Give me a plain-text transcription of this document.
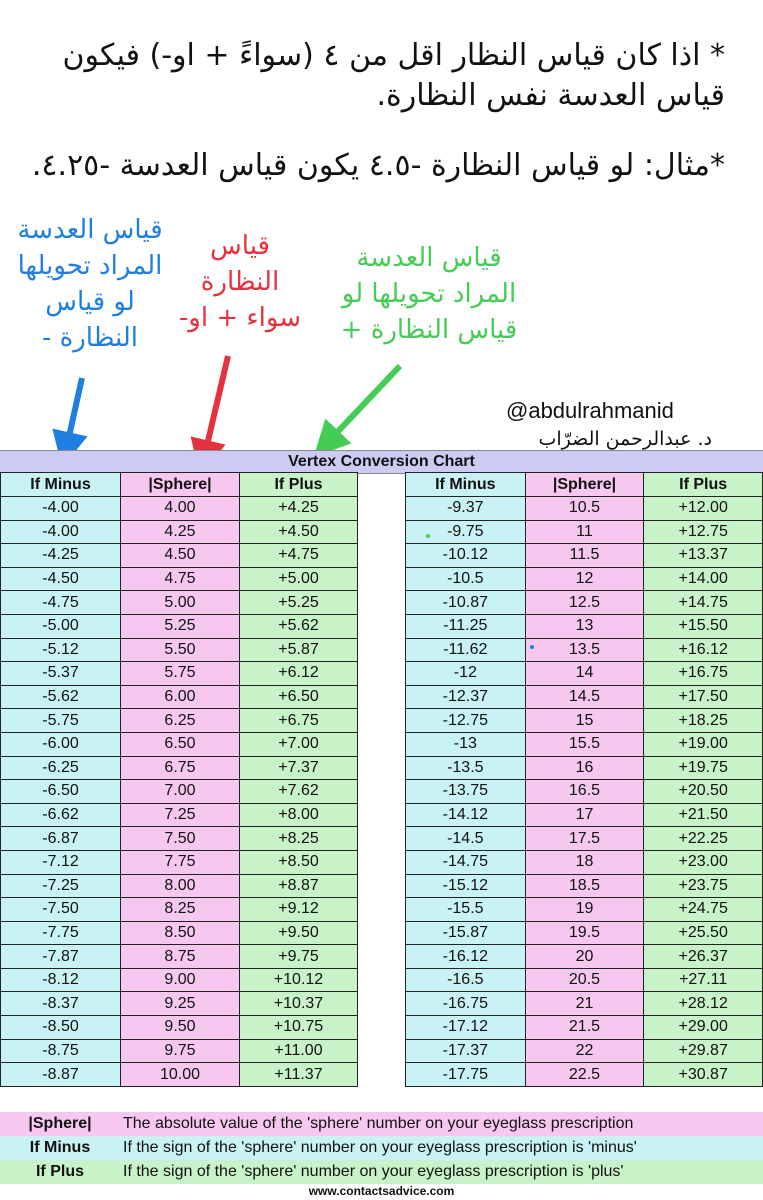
* اذا كان قياس النظار اقل من ٤ (سواءً + او-) فيكون قياس العدسة نفس النظارة.
*مثال: لو قياس النظارة -٤.٥ يكون قياس العدسة -٤.٢٥.
قياس العدسة المراد تحويلها لو قياس النظارة -
قياس النظارة سواء + او-
قياس العدسة المراد تحويلها لو قياس النظارة +
@abdulrahmanid
د. عبدالرحمن الضرّاب
Vertex Conversion Chart
If Minus	|Sphere|	If Plus
-4.00	4.00	+4.25
-4.00	4.25	+4.50
-4.25	4.50	+4.75
-4.50	4.75	+5.00
-4.75	5.00	+5.25
-5.00	5.25	+5.62
-5.12	5.50	+5.87
-5.37	5.75	+6.12
-5.62	6.00	+6.50
-5.75	6.25	+6.75
-6.00	6.50	+7.00
-6.25	6.75	+7.37
-6.50	7.00	+7.62
-6.62	7.25	+8.00
-6.87	7.50	+8.25
-7.12	7.75	+8.50
-7.25	8.00	+8.87
-7.50	8.25	+9.12
-7.75	8.50	+9.50
-7.87	8.75	+9.75
-8.12	9.00	+10.12
-8.37	9.25	+10.37
-8.50	9.50	+10.75
-8.75	9.75	+11.00
-8.87	10.00	+11.37
If Minus	|Sphere|	If Plus
-9.37	10.5	+12.00
-9.75	11	+12.75
-10.12	11.5	+13.37
-10.5	12	+14.00
-10.87	12.5	+14.75
-11.25	13	+15.50
-11.62	13.5	+16.12
-12	14	+16.75
-12.37	14.5	+17.50
-12.75	15	+18.25
-13	15.5	+19.00
-13.5	16	+19.75
-13.75	16.5	+20.50
-14.12	17	+21.50
-14.5	17.5	+22.25
-14.75	18	+23.00
-15.12	18.5	+23.75
-15.5	19	+24.75
-15.87	19.5	+25.50
-16.12	20	+26.37
-16.5	20.5	+27.11
-16.75	21	+28.12
-17.12	21.5	+29.00
-17.37	22	+29.87
-17.75	22.5	+30.87
|Sphere|	The absolute value of the 'sphere' number on your eyeglass prescription
If Minus	If the sign of the 'sphere' number on your eyeglass prescription is 'minus'
If Plus	If the sign of the 'sphere' number on your eyeglass prescription is 'plus'
www.contactsadvice.com
